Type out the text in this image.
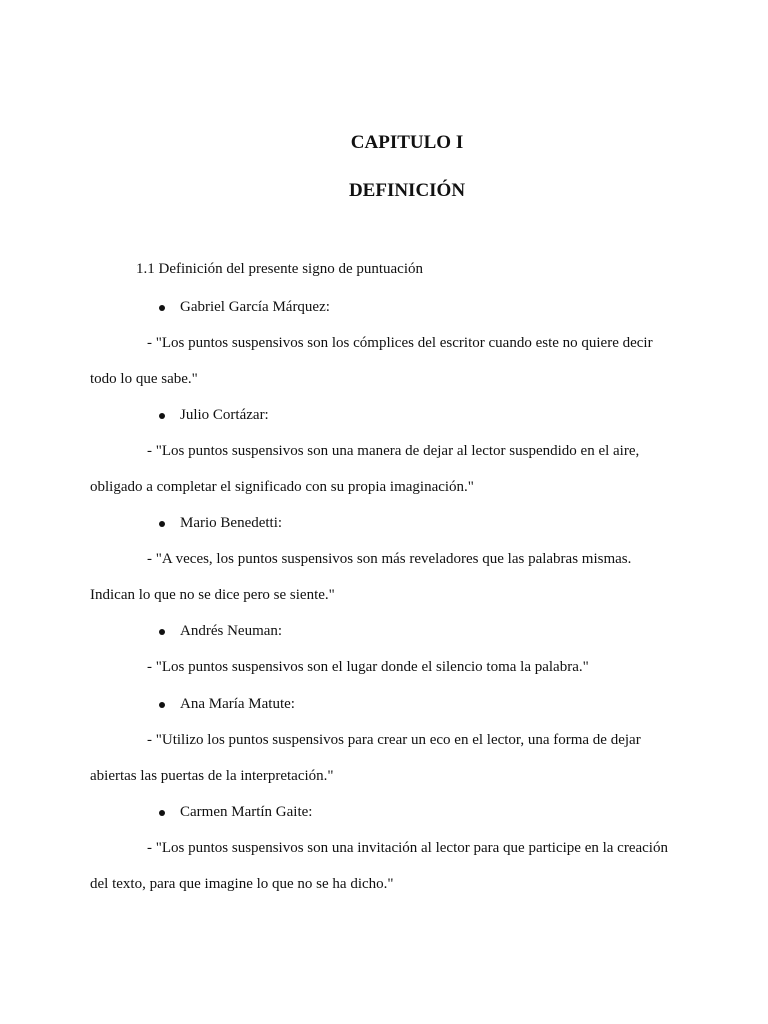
CAPITULO I
DEFINICIÓN

1.1 Definición del presente signo de puntuación

Gabriel García Márquez:

- "Los puntos suspensivos son los cómplices del escritor cuando este no quiere decir

todo lo que sabe."

Julio Cortázar:

- "Los puntos suspensivos son una manera de dejar al lector suspendido en el aire,

obligado a completar el significado con su propia imaginación."

Mario Benedetti:

- "A veces, los puntos suspensivos son más reveladores que las palabras mismas.

Indican lo que no se dice pero se siente."

Andrés Neuman:

- "Los puntos suspensivos son el lugar donde el silencio toma la palabra."

Ana María Matute:

- "Utilizo los puntos suspensivos para crear un eco en el lector, una forma de dejar

abiertas las puertas de la interpretación."

Carmen Martín Gaite:

- "Los puntos suspensivos son una invitación al lector para que participe en la creación

del texto, para que imagine lo que no se ha dicho."
